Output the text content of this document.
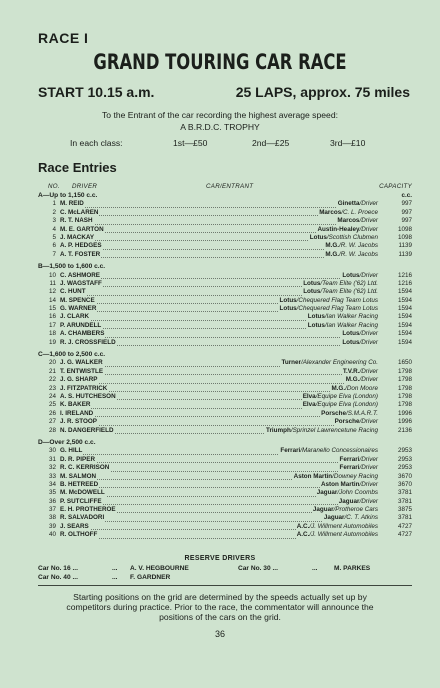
RACE I
GRAND TOURING CAR RACE
START 10.15 a.m.	25 LAPS, approx. 75 miles
To the Entrant of the car recording the highest average speed:
A B.R.D.C. TROPHY
In each class:	1st—£50	2nd—£25	3rd—£10
Race Entries
NO. DRIVER	CAR/ENTRANT	CAPACITY
A—Up to 1,150 c.c.	c.c.
1 M. REID	Ginetta/Driver	997
2 C. McLAREN	Marcos/C. L. Proece	997
3 R. T. NASH	Marcos/Driver	997
4 M. E. GARTON	Austin-Healey/Driver	1098
5 J. MACKAY	Lotus/Scottish Clubmen	1098
6 A. P. HEDGES	M.G./R. W. Jacobs	1139
7 A. T. FOSTER	M.G./R. W. Jacobs	1139
B—1,500 to 1,600 c.c.
10 C. ASHMORE	Lotus/Driver	1216
11 J. WAGSTAFF	Lotus/Team Elite ('62) Ltd.	1216
12 C. HUNT	Lotus/Team Elite ('62) Ltd.	1594
14 M. SPENCE	Lotus/Chequered Flag Team Lotus	1594
15 G. WARNER	Lotus/Chequered Flag Team Lotus	1594
16 J. CLARK	Lotus/Ian Walker Racing	1594
17 P. ARUNDELL	Lotus/Ian Walker Racing	1594
18 A. CHAMBERS	Lotus/Driver	1594
19 R. J. CROSSFIELD	Lotus/Driver	1594
C—1,600 to 2,500 c.c.
20 J. G. WALKER	Turner/Alexander Engineering Co.	1650
21 T. ENTWISTLE	T.V.R./Driver	1798
22 J. G. SHARP	M.G./Driver	1798
23 J. FITZPATRICK	M.G./Don Moore	1798
24 A. S. HUTCHESON	Elva/Equipe Elva (London)	1798
25 K. BAKER	Elva/Equipe Elva (London)	1798
26 I. IRELAND	Porsche/S.M.A.R.T.	1996
27 J. R. STOOP	Porsche/Driver	1996
28 N. DANGERFIELD	Triumph/Sprinzel Lawrencetune Racing	2136
D—Over 2,500 c.c.
30 G. HILL	Ferrari/Maranello Concessionaires	2953
31 D. R. PIPER	Ferrari/Driver	2953
32 R. C. KERRISON	Ferrari/Driver	2953
33 M. SALMON	Aston Martin/Downey Racing	3670
34 B. HETREED	Aston Martin/Driver	3670
35 M. McDOWELL	Jaguar/John Coombs	3781
36 P. SUTCLIFFE	Jaguar/Driver	3781
37 E. H. PROTHEROE	Jaguar/Protheroe Cars	3875
38 R. SALVADORI	Jaguar/C. T. Atkins	3781
39 J. SEARS	A.C./J. Willment Automobiles	4727
40 R. OLTHOFF	A.C./J. Willment Automobiles	4727
RESERVE DRIVERS
Car No. 16 ...	... A. V. HEGBOURNE	Car No. 30 ...	...	M. PARKES
Car No. 40 ...	... F. GARDNER
Starting positions on the grid are determined by the speeds actually set up by competitors during practice. Prior to the race, the commentator will announce the positions of the cars on the grid.
36
